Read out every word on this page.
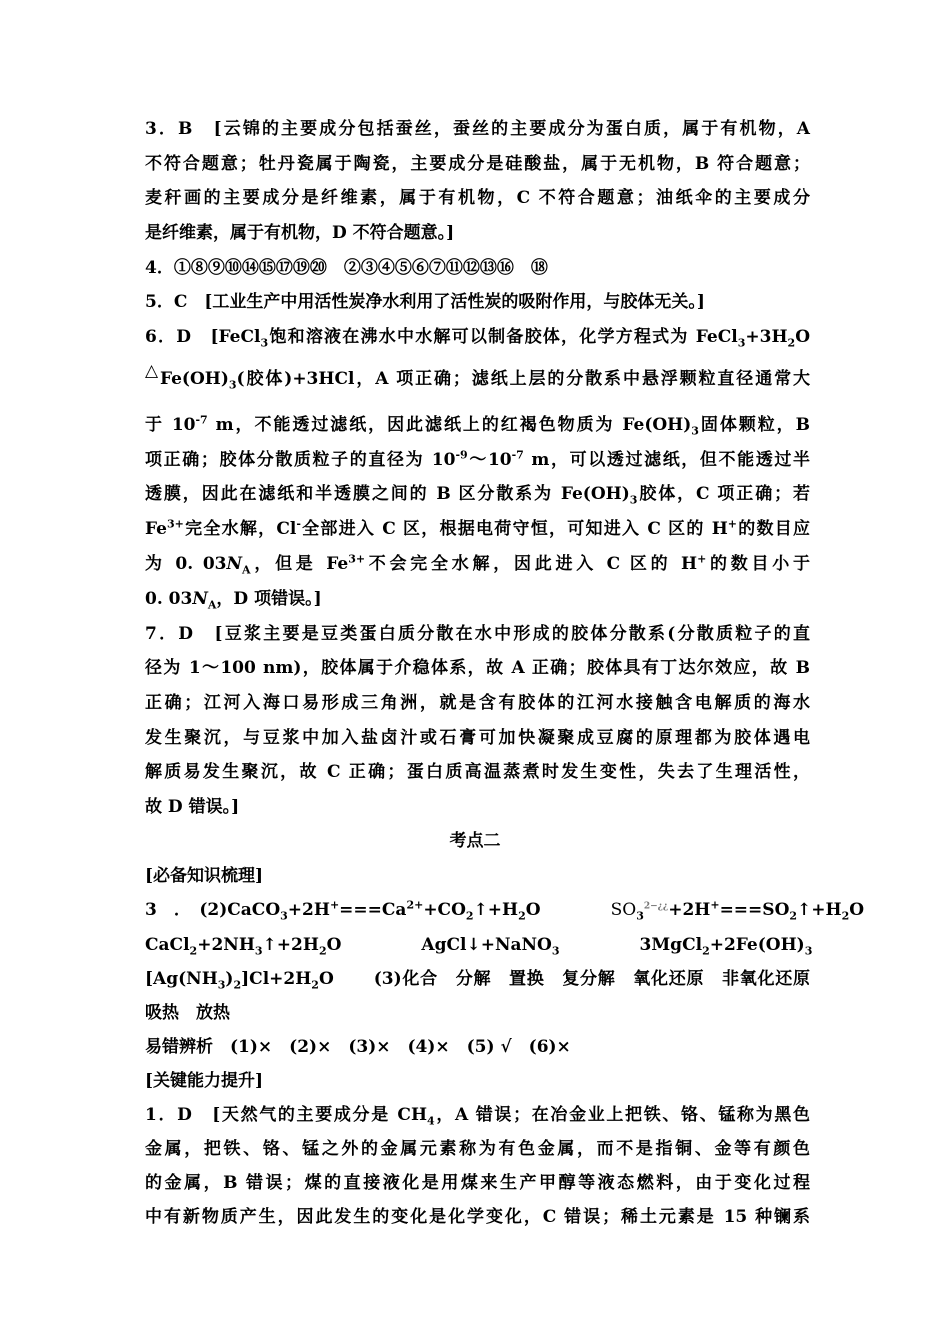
3．B　[云锦的主要成分包括蚕丝，蚕丝的主要成分为蛋白质，属于有机物，A
不符合题意；牡丹瓷属于陶瓷，主要成分是硅酸盐，属于无机物，B 符合题意；
麦秆画的主要成分是纤维素，属于有机物，C 不符合题意；油纸伞的主要成分
是纤维素，属于有机物，D 不符合题意。]
4．①⑧⑨⑩⑭⑮⑰⑲⑳　②③④⑤⑥⑦⑪⑫⑬⑯　⑱
5．C　[工业生产中用活性炭净水利用了活性炭的吸附作用，与胶体无关。]
6．D　[FeCl$_3$饱和溶液在沸水中水解可以制备胶体，化学方程式为 $FeCl_3+3H_2O$
$\triangle Fe(OH)_3$(胶体)+3HCl，A 项正确；滤纸上层的分散系中悬浮颗粒直径通常大
于 $10^{-7}$ m，不能透过滤纸，因此滤纸上的红褐色物质为 $Fe(OH)_3$固体颗粒，B
项正确；胶体分散质粒子的直径为 $10^{-9}\sim 10^{-7}$ m，可以透过滤纸，但不能透过半
透膜，因此在滤纸和半透膜之间的 B 区分散系为 $Fe(OH)_3$胶体，C 项正确；若
$Fe^{3+}$完全水解，Cl-全部进入 C 区，根据电荷守恒，可知进入 C 区的 H+的数目应
为 0. $03N_A$，但是 $Fe^{3+}$不会完全水解，因此进入 C 区的 H+的数目小于
0. $03N_A$，D 项错误。]
7．D　[豆浆主要是豆类蛋白质分散在水中形成的胶体分散系(分散质粒子的直
径为 1～100 nm)，胶体属于介稳体系，故 A 正确；胶体具有丁达尔效应，故 B
正确；江河入海口易形成三角洲，就是含有胶体的江河水接触含电解质的海水
发生聚沉，与豆浆中加入盐卤汁或石膏可加快凝聚成豆腐的原理都为胶体遇电
解质易发生聚沉，故 C 正确；蛋白质高温蒸煮时发生变性，失去了生理活性，
故 D 错误。]
考点二
[必备知识梳理]
3　．　$(2)CaCO_3+2H^+===Ca^{2+}+CO_2↑+H_2O$	$SO_3^{2-¿¿}+2H^+===SO_2↑+H_2O$
$CaCl_2+2NH_3↑+2H_2O$	AgCl↓+NaNO$_3$	$3MgCl_2+2Fe(OH)_3$
$[Ag(NH_3)_2]Cl+2H_2O$ (3)化合　分解　置换　复分解　氧化还原　非氧化还原
吸热　放热
易错辨析　(1)×　(2)×　(3)×　(4)×　(5) √　(6)×
[关键能力提升]
1．D　[天然气的主要成分是 $CH_4$，A 错误；在冶金业上把铁、铬、锰称为黑色
金属，把铁、铬、锰之外的金属元素称为有色金属，而不是指铜、金等有颜色
的金属，B 错误；煤的直接液化是用煤来生产甲醇等液态燃料，由于变化过程
中有新物质产生，因此发生的变化是化学变化，C 错误；稀土元素是 15 种镧系
